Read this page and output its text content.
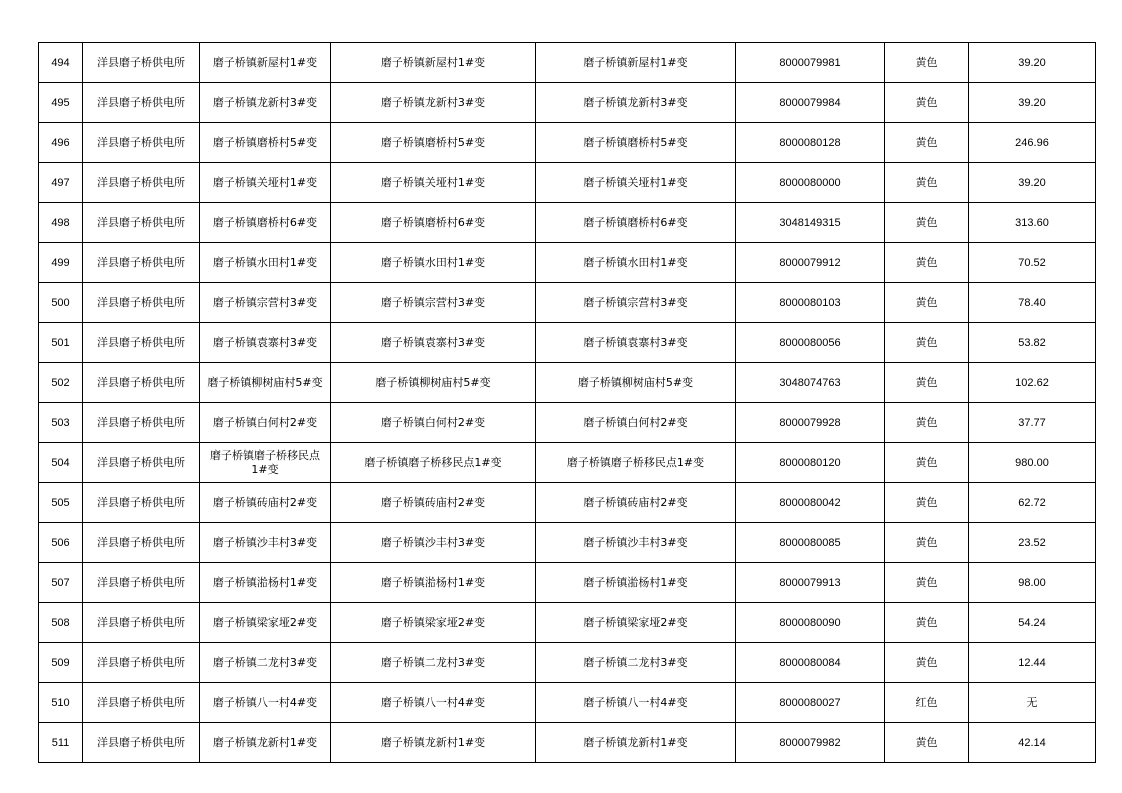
494	洋县磨子桥供电所	磨子桥镇新屋村1#变	磨子桥镇新屋村1#变	磨子桥镇新屋村1#变	8000079981	黄色	39.20
495	洋县磨子桥供电所	磨子桥镇龙新村3#变	磨子桥镇龙新村3#变	磨子桥镇龙新村3#变	8000079984	黄色	39.20
496	洋县磨子桥供电所	磨子桥镇磨桥村5#变	磨子桥镇磨桥村5#变	磨子桥镇磨桥村5#变	8000080128	黄色	246.96
497	洋县磨子桥供电所	磨子桥镇关垭村1#变	磨子桥镇关垭村1#变	磨子桥镇关垭村1#变	8000080000	黄色	39.20
498	洋县磨子桥供电所	磨子桥镇磨桥村6#变	磨子桥镇磨桥村6#变	磨子桥镇磨桥村6#变	3048149315	黄色	313.60
499	洋县磨子桥供电所	磨子桥镇水田村1#变	磨子桥镇水田村1#变	磨子桥镇水田村1#变	8000079912	黄色	70.52
500	洋县磨子桥供电所	磨子桥镇宗营村3#变	磨子桥镇宗营村3#变	磨子桥镇宗营村3#变	8000080103	黄色	78.40
501	洋县磨子桥供电所	磨子桥镇袁寨村3#变	磨子桥镇袁寨村3#变	磨子桥镇袁寨村3#变	8000080056	黄色	53.82
502	洋县磨子桥供电所	磨子桥镇柳树庙村5#变	磨子桥镇柳树庙村5#变	磨子桥镇柳树庙村5#变	3048074763	黄色	102.62
503	洋县磨子桥供电所	磨子桥镇白何村2#变	磨子桥镇白何村2#变	磨子桥镇白何村2#变	8000079928	黄色	37.77
504	洋县磨子桥供电所	磨子桥镇磨子桥移民点1#变	磨子桥镇磨子桥移民点1#变	磨子桥镇磨子桥移民点1#变	8000080120	黄色	980.00
505	洋县磨子桥供电所	磨子桥镇砖庙村2#变	磨子桥镇砖庙村2#变	磨子桥镇砖庙村2#变	8000080042	黄色	62.72
506	洋县磨子桥供电所	磨子桥镇沙丰村3#变	磨子桥镇沙丰村3#变	磨子桥镇沙丰村3#变	8000080085	黄色	23.52
507	洋县磨子桥供电所	磨子桥镇湁杨村1#变	磨子桥镇湁杨村1#变	磨子桥镇湁杨村1#变	8000079913	黄色	98.00
508	洋县磨子桥供电所	磨子桥镇梁家垭2#变	磨子桥镇梁家垭2#变	磨子桥镇梁家垭2#变	8000080090	黄色	54.24
509	洋县磨子桥供电所	磨子桥镇二龙村3#变	磨子桥镇二龙村3#变	磨子桥镇二龙村3#变	8000080084	黄色	12.44
510	洋县磨子桥供电所	磨子桥镇八一村4#变	磨子桥镇八一村4#变	磨子桥镇八一村4#变	8000080027	红色	无
511	洋县磨子桥供电所	磨子桥镇龙新村1#变	磨子桥镇龙新村1#变	磨子桥镇龙新村1#变	8000079982	黄色	42.14
